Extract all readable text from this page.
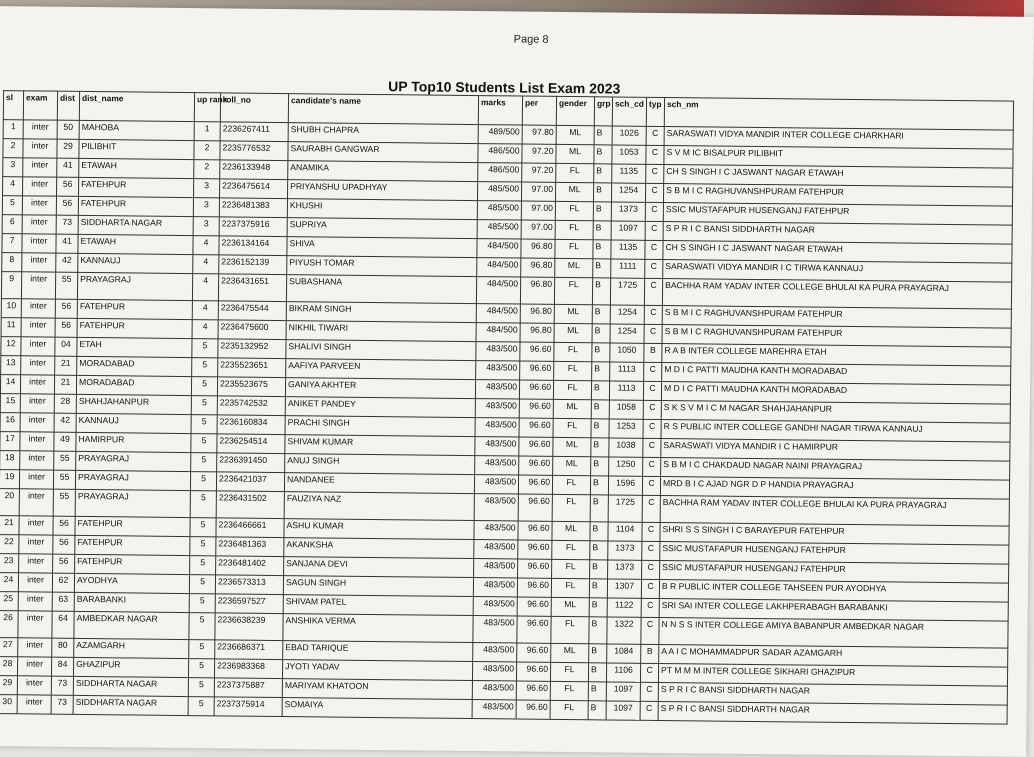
Page 8
UP Top10 Students List Exam 2023
sl	exam	dist	dist_name	up rank	roll_no	candidate's name	marks	per	gender	grp	sch_cd	typ	sch_nm
1	inter	50	MAHOBA	1	2236267411	SHUBH CHAPRA	489/500	97.80	ML	B	1026	C	SARASWATI VIDYA MANDIR INTER COLLEGE CHARKHARI
2	inter	29	PILIBHIT	2	2235776532	SAURABH GANGWAR	486/500	97.20	ML	B	1053	C	S V M IC BISALPUR PILIBHIT
3	inter	41	ETAWAH	2	2236133948	ANAMIKA	486/500	97.20	FL	B	1135	C	CH S SINGH I C JASWANT NAGAR ETAWAH
4	inter	56	FATEHPUR	3	2236475614	PRIYANSHU UPADHYAY	485/500	97.00	ML	B	1254	C	S B M I C RAGHUVANSHPURAM FATEHPUR
5	inter	56	FATEHPUR	3	2236481383	KHUSHI	485/500	97.00	FL	B	1373	C	SSIC MUSTAFAPUR HUSENGANJ FATEHPUR
6	inter	73	SIDDHARTA NAGAR	3	2237375916	SUPRIYA	485/500	97.00	FL	B	1097	C	S P R I C BANSI SIDDHARTH NAGAR
7	inter	41	ETAWAH	4	2236134164	SHIVA	484/500	96.80	FL	B	1135	C	CH S SINGH I C JASWANT NAGAR ETAWAH
8	inter	42	KANNAUJ	4	2236152139	PIYUSH TOMAR	484/500	96.80	ML	B	1111	C	SARASWATI VIDYA MANDIR I C TIRWA KANNAUJ
9	inter	55	PRAYAGRAJ	4	2236431651	SUBASHANA	484/500	96.80	FL	B	1725	C	BACHHA RAM YADAV INTER COLLEGE BHULAI KA PURA PRAYAGRAJ
10	inter	56	FATEHPUR	4	2236475544	BIKRAM SINGH	484/500	96.80	ML	B	1254	C	S B M I C RAGHUVANSHPURAM FATEHPUR
11	inter	56	FATEHPUR	4	2236475600	NIKHIL TIWARI	484/500	96.80	ML	B	1254	C	S B M I C RAGHUVANSHPURAM FATEHPUR
12	inter	04	ETAH	5	2235132952	SHALIVI SINGH	483/500	96.60	FL	B	1050	B	R A B INTER COLLEGE MAREHRA ETAH
13	inter	21	MORADABAD	5	2235523651	AAFIYA PARVEEN	483/500	96.60	FL	B	1113	C	M D I C PATTI MAUDHA KANTH MORADABAD
14	inter	21	MORADABAD	5	2235523675	GANIYA AKHTER	483/500	96.60	FL	B	1113	C	M D I C PATTI MAUDHA KANTH MORADABAD
15	inter	28	SHAHJAHANPUR	5	2235742532	ANIKET PANDEY	483/500	96.60	ML	B	1058	C	S K S V M I C M NAGAR SHAHJAHANPUR
16	inter	42	KANNAUJ	5	2236160834	PRACHI SINGH	483/500	96.60	FL	B	1253	C	R S PUBLIC INTER COLLEGE GANDHI NAGAR TIRWA KANNAUJ
17	inter	49	HAMIRPUR	5	2236254514	SHIVAM KUMAR	483/500	96.60	ML	B	1038	C	SARASWATI VIDYA MANDIR I C HAMIRPUR
18	inter	55	PRAYAGRAJ	5	2236391450	ANUJ SINGH	483/500	96.60	ML	B	1250	C	S B M I C CHAKDAUD NAGAR NAINI PRAYAGRAJ
19	inter	55	PRAYAGRAJ	5	2236421037	NANDANEE	483/500	96.60	FL	B	1596	C	MRD B I C AJAD NGR D P HANDIA PRAYAGRAJ
20	inter	55	PRAYAGRAJ	5	2236431502	FAUZIYA NAZ	483/500	96.60	FL	B	1725	C	BACHHA RAM YADAV INTER COLLEGE BHULAI KA PURA PRAYAGRAJ
21	inter	56	FATEHPUR	5	2236466661	ASHU KUMAR	483/500	96.60	ML	B	1104	C	SHRI S S SINGH I C BARAYEPUR FATEHPUR
22	inter	56	FATEHPUR	5	2236481363	AKANKSHA	483/500	96.60	FL	B	1373	C	SSIC MUSTAFAPUR HUSENGANJ FATEHPUR
23	inter	56	FATEHPUR	5	2236481402	SANJANA DEVI	483/500	96.60	FL	B	1373	C	SSIC MUSTAFAPUR HUSENGANJ FATEHPUR
24	inter	62	AYODHYA	5	2236573313	SAGUN SINGH	483/500	96.60	FL	B	1307	C	B R PUBLIC INTER COLLEGE TAHSEEN PUR AYODHYA
25	inter	63	BARABANKI	5	2236597527	SHIVAM PATEL	483/500	96.60	ML	B	1122	C	SRI SAI INTER COLLEGE LAKHPERABAGH BARABANKI
26	inter	64	AMBEDKAR NAGAR	5	2236638239	ANSHIKA VERMA	483/500	96.60	FL	B	1322	C	N N S S INTER COLLEGE AMIYA BABANPUR AMBEDKAR NAGAR
27	inter	80	AZAMGARH	5	2236686371	EBAD TARIQUE	483/500	96.60	ML	B	1084	B	A A I C MOHAMMADPUR SADAR AZAMGARH
28	inter	84	GHAZIPUR	5	2236983368	JYOTI YADAV	483/500	96.60	FL	B	1106	C	PT M M M INTER COLLEGE SIKHARI GHAZIPUR
29	inter	73	SIDDHARTA NAGAR	5	2237375887	MARIYAM KHATOON	483/500	96.60	FL	B	1097	C	S P R I C BANSI SIDDHARTH NAGAR
30	inter	73	SIDDHARTA NAGAR	5	2237375914	SOMAIYA	483/500	96.60	FL	B	1097	C	S P R I C BANSI SIDDHARTH NAGAR
